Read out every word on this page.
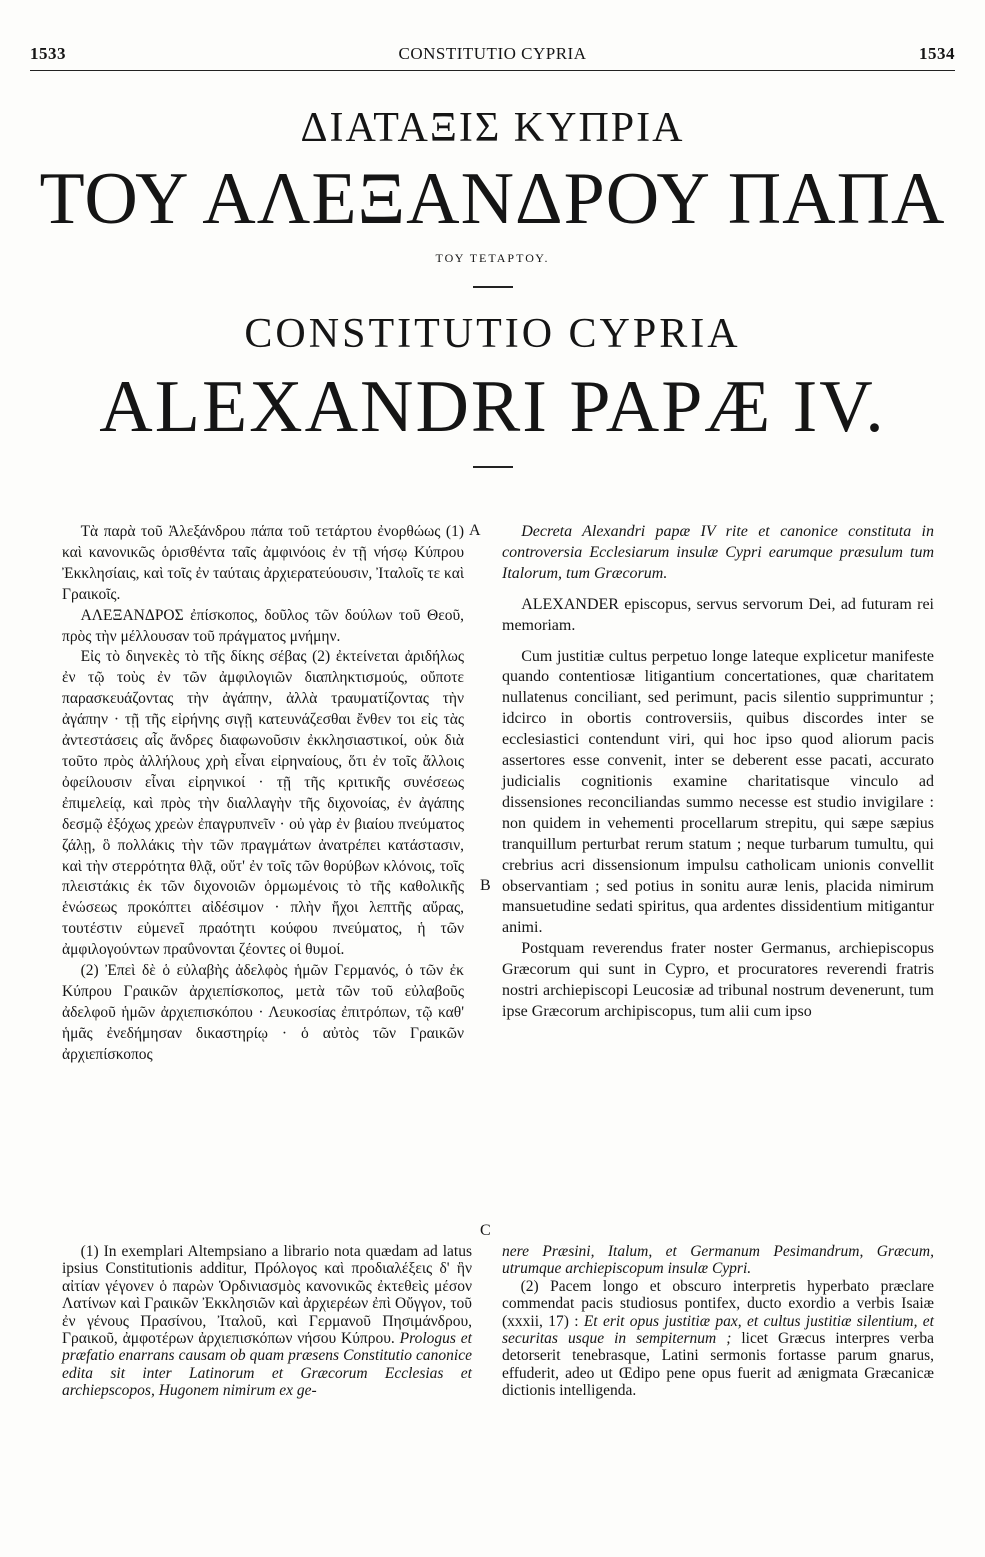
1533	CONSTITUTIO CYPRIA	1534
ΔΙΑΤΑΞΙΣ ΚΥΠΡΙΑ
ΤΟΥ ΑΛΕΞΑΝΔΡΟΥ ΠΑΠΑ
ΤΟΥ ΤΕΤΑΡΤΟΥ.
CONSTITUTIO CYPRIA
ALEXANDRI PAPÆ IV.

Τὰ παρὰ τοῦ Ἀλεξάνδρου πάπα τοῦ τετάρτου ἐνορθώως (1) καὶ κανονικῶς ὁρισθέντα ταῖς ἀμφινόοις ἐν τῇ νήσῳ Κύπρου Ἐκκλησίαις, καὶ τοῖς ἐν ταύταις ἀρχιερατεύουσιν, Ἰταλοῖς τε καὶ Γραικοῖς.

ΑΛΕΞΑΝΔΡΟΣ ἐπίσκοπος, δοῦλος τῶν δούλων τοῦ Θεοῦ, πρὸς τὴν μέλλουσαν τοῦ πράγματος μνήμην.

Εἰς τὸ διηνεκὲς τὸ τῆς δίκης σέβας (2) ἐκτείνεται ἀριδήλως ἐν τῷ τοὺς ἐν τῶν ἀμφιλογιῶν διαπληκτισμούς, οὔποτε παρασκευάζοντας τὴν ἀγάπην, ἀλλὰ τραυματίζοντας τὴν ἀγάπην · τῇ τῆς εἰρήνης σιγῇ κατευνάζεσθαι ἔνθεν τοι εἰς τὰς ἀντεστάσεις αἷς ἄνδρες διαφωνοῦσιν ἐκκλησιαστικοί, οὐκ διὰ τοῦτο πρὸς ἀλλήλους χρὴ εἶναι εἰρηναίους, ὅτι ἐν τοῖς ἄλλοις ὀφείλουσιν εἶναι εἰρηνικοί · τῇ τῆς κριτικῆς συνέσεως ἐπιμελείᾳ, καὶ πρὸς τὴν διαλλαγὴν τῆς διχονοίας, ἐν ἀγάπης δεσμῷ ἐξόχως χρεὼν ἐπαγρυπνεῖν · οὐ γὰρ ἐν βιαίου πνεύματος ζάλῃ, ὃ πολλάκις τὴν τῶν πραγμάτων ἀνατρέπει κατάστασιν, καὶ τὴν στερρότητα θλᾷ, οὔτ' ἐν τοῖς τῶν θορύβων κλόνοις, τοῖς πλειστάκις ἐκ τῶν διχονοιῶν ὁρμωμένοις τὸ τῆς καθολικῆς ἑνώσεως προκόπτει αἰδέσιμον · πλὴν ἤχοι λεπτῆς αὔρας, τουτέστιν εὐμενεῖ πραότητι κούφου πνεύματος, ἡ τῶν ἀμφιλογούντων πραΰνονται ζέοντες οἱ θυμοί.

(2) Ἐπεὶ δὲ ὁ εὐλαβὴς ἀδελφὸς ἡμῶν Γερμανός, ὁ τῶν ἐκ Κύπρου Γραικῶν ἀρχιεπίσκοπος, μετὰ τῶν τοῦ εὐλαβοῦς ἀδελφοῦ ἡμῶν ἀρχιεπισκόπου · Λευκοσίας ἐπιτρόπων, τῷ καθ' ἡμᾶς ἐνεδήμησαν δικαστηρίῳ · ὁ αὐτὸς τῶν Γραικῶν ἀρχιεπίσκοπος

A
B
C

Decreta Alexandri papæ IV rite et canonice constituta in controversia Ecclesiarum insulæ Cypri earumque præsulum tum Italorum, tum Græcorum.

ALEXANDER episcopus, servus servorum Dei, ad futuram rei memoriam.

Cum justitiæ cultus perpetuo longe lateque explicetur manifeste quando contentiosæ litigantium concertationes, quæ charitatem nullatenus conciliant, sed perimunt, pacis silentio supprimuntur ; idcirco in obortis controversiis, quibus discordes inter se ecclesiastici contendunt viri, qui hoc ipso quod aliorum pacis assertores esse convenit, inter se deberent esse pacati, accurato judicialis cognitionis examine charitatisque vinculo ad dissensiones reconciliandas summo necesse est studio invigilare : non quidem in vehementi procellarum strepitu, qui sæpe sæpius tranquillum perturbat rerum statum ; neque turbarum tumultu, qui crebrius acri dissensionum impulsu catholicam unionis convellit observantiam ; sed potius in sonitu auræ lenis, placida nimirum mansuetudine sedati spiritus, qua ardentes dissidentium mitigantur animi.

Postquam reverendus frater noster Germanus, archiepiscopus Græcorum qui sunt in Cypro, et procuratores reverendi fratris nostri archiepiscopi Leucosiæ ad tribunal nostrum devenerunt, tum ipse Græcorum archipiscopus, tum alii cum ipso

(1) In exemplari Altempsiano a librario nota quædam ad latus ipsius Constitutionis additur, Πρόλογος καὶ προδιαλέξεις δ' ἣν αἰτίαν γέγονεν ὁ παρὼν Ὁρδινιασμὸς κανονικῶς ἐκτεθεὶς μέσον Λατίνων καὶ Γραικῶν Ἐκκλησιῶν καὶ ἀρχιερέων ἐπὶ Οὔγγον, τοῦ ἐν γένους Πρασίνου, Ἰταλοῦ, καὶ Γερμανοῦ Πησιμάνδρου, Γραικοῦ, ἀμφοτέρων ἀρχιεπισκόπων νήσου Κύπρου. Prologus et præfatio enarrans causam ob quam præsens Constitutio canonice edita sit inter Latinorum et Græcorum Ecclesias et archiepscopos, Hugonem nimirum ex ge-

nere Præsini, Italum, et Germanum Pesimandrum, Græcum, utrumque archiepiscopum insulæ Cypri.

(2) Pacem longo et obscuro interpretis hyperbato præclare commendat pacis studiosus pontifex, ducto exordio a verbis Isaiæ (xxxii, 17) : Et erit opus justitiæ pax, et cultus justitiæ silentium, et securitas usque in sempiternum ; licet Græcus interpres verba detorserit tenebrasque, Latini sermonis fortasse parum gnarus, effuderit, adeo ut Œdipo pene opus fuerit ad ænigmata Græcanicæ dictionis intelligenda.
